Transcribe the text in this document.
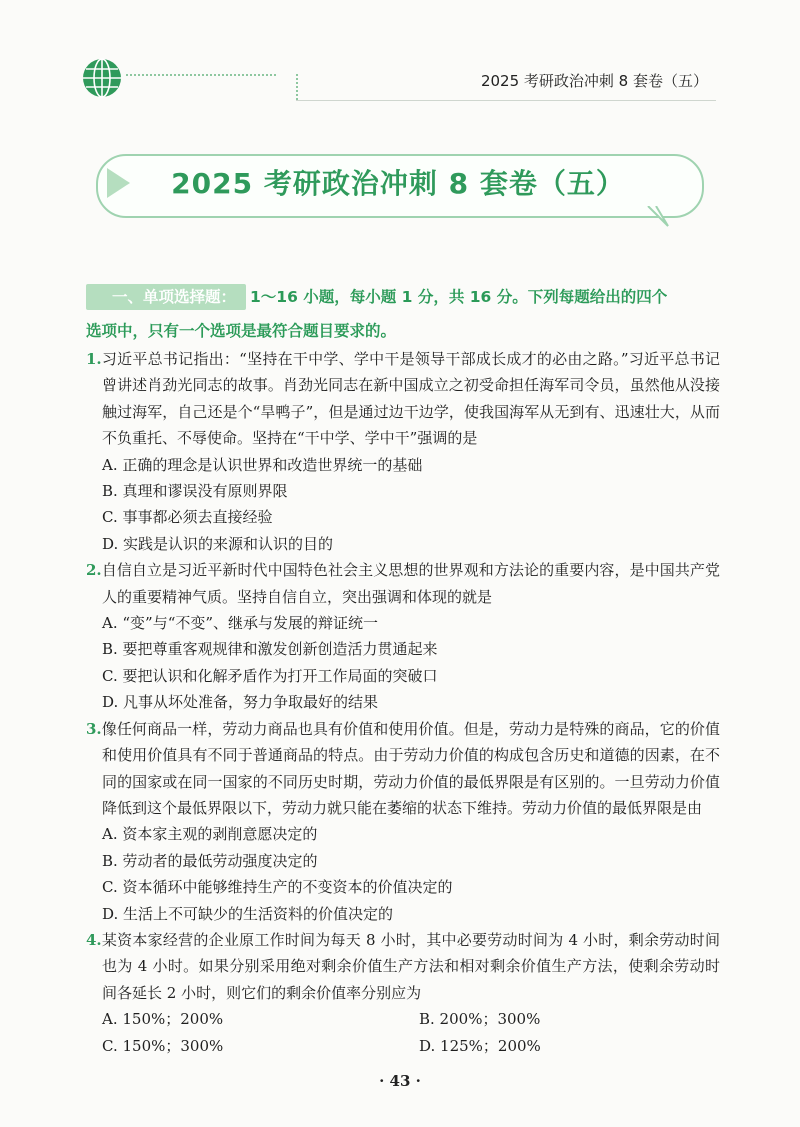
2025 考研政治冲刺 8 套卷（五）
2025 考研政治冲刺 8 套卷（五）
一、单项选择题： 1～16 小题，每小题 1 分，共 16 分。下列每题给出的四个
选项中，只有一个选项是最符合题目要求的。

1.习近平总书记指出：“坚持在干中学、学中干是领导干部成长成才的必由之路。”习近平总书记曾讲述肖劲光同志的故事。肖劲光同志在新中国成立之初受命担任海军司令员，虽然他从没接触过海军，自己还是个“旱鸭子”，但是通过边干边学，使我国海军从无到有、迅速壮大，从而不负重托、不辱使命。坚持在“干中学、学中干”强调的是

A. 正确的理念是认识世界和改造世界统一的基础

B. 真理和谬误没有原则界限

C. 事事都必须去直接经验

D. 实践是认识的来源和认识的目的

2.自信自立是习近平新时代中国特色社会主义思想的世界观和方法论的重要内容，是中国共产党人的重要精神气质。坚持自信自立，突出强调和体现的就是

A. “变”与“不变”、继承与发展的辩证统一

B. 要把尊重客观规律和激发创新创造活力贯通起来

C. 要把认识和化解矛盾作为打开工作局面的突破口

D. 凡事从坏处准备，努力争取最好的结果

3.像任何商品一样，劳动力商品也具有价值和使用价值。但是，劳动力是特殊的商品，它的价值和使用价值具有不同于普通商品的特点。由于劳动力价值的构成包含历史和道德的因素，在不同的国家或在同一国家的不同历史时期，劳动力价值的最低界限是有区别的。一旦劳动力价值降低到这个最低界限以下，劳动力就只能在萎缩的状态下维持。劳动力价值的最低界限是由

A. 资本家主观的剥削意愿决定的

B. 劳动者的最低劳动强度决定的

C. 资本循环中能够维持生产的不变资本的价值决定的

D. 生活上不可缺少的生活资料的价值决定的

4.某资本家经营的企业原工作时间为每天 8 小时，其中必要劳动时间为 4 小时，剩余劳动时间也为 4 小时。如果分别采用绝对剩余价值生产方法和相对剩余价值生产方法，使剩余劳动时间各延长 2 小时，则它们的剩余价值率分别应为

A. 150%；200%	B. 200%；300%

C. 150%；300%	D. 125%；200%

· 43 ·
